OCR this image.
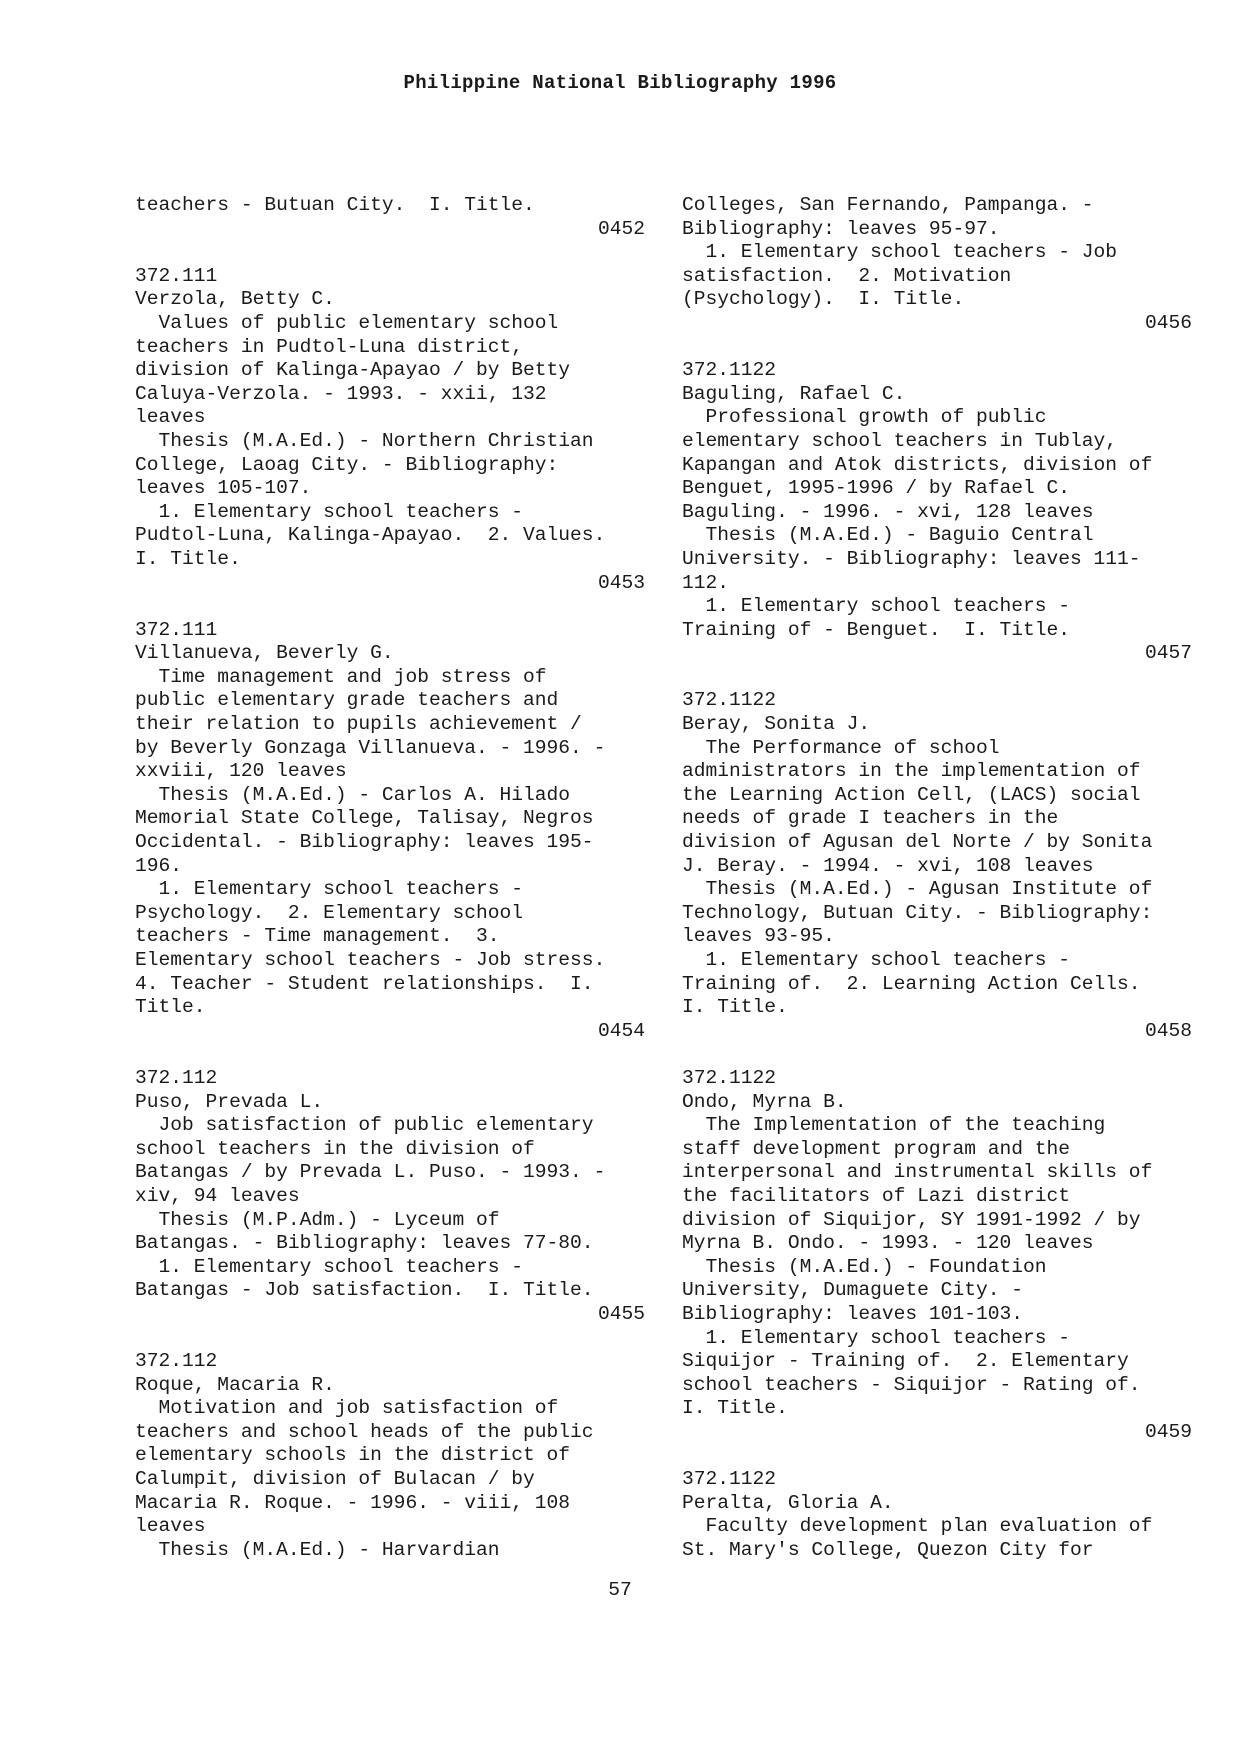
Philippine National Bibliography 1996
teachers - Butuan City.  I. Title.
0452
372.111
Verzola, Betty C.
Values of public elementary school
teachers in Pudtol-Luna district,
division of Kalinga-Apayao / by Betty
Caluya-Verzola. - 1993. - xxii, 132
leaves
Thesis (M.A.Ed.) - Northern Christian
College, Laoag City. - Bibliography:
leaves 105-107.
1. Elementary school teachers -
Pudtol-Luna, Kalinga-Apayao.  2. Values.
I. Title.
0453
372.111
Villanueva, Beverly G.
Time management and job stress of
public elementary grade teachers and
their relation to pupils achievement /
by Beverly Gonzaga Villanueva. - 1996. -
xxviii, 120 leaves
Thesis (M.A.Ed.) - Carlos A. Hilado
Memorial State College, Talisay, Negros
Occidental. - Bibliography: leaves 195-
196.
1. Elementary school teachers -
Psychology.  2. Elementary school
teachers - Time management.  3.
Elementary school teachers - Job stress.
4. Teacher - Student relationships.  I.
Title.
0454
372.112
Puso, Prevada L.
Job satisfaction of public elementary
school teachers in the division of
Batangas / by Prevada L. Puso. - 1993. -
xiv, 94 leaves
Thesis (M.P.Adm.) - Lyceum of
Batangas. - Bibliography: leaves 77-80.
1. Elementary school teachers -
Batangas - Job satisfaction.  I. Title.
0455
372.112
Roque, Macaria R.
Motivation and job satisfaction of
teachers and school heads of the public
elementary schools in the district of
Calumpit, division of Bulacan / by
Macaria R. Roque. - 1996. - viii, 108
leaves
Thesis (M.A.Ed.) - Harvardian
Colleges, San Fernando, Pampanga. -
Bibliography: leaves 95-97.
1. Elementary school teachers - Job
satisfaction.  2. Motivation
(Psychology).  I. Title.
0456
372.1122
Baguling, Rafael C.
Professional growth of public
elementary school teachers in Tublay,
Kapangan and Atok districts, division of
Benguet, 1995-1996 / by Rafael C.
Baguling. - 1996. - xvi, 128 leaves
Thesis (M.A.Ed.) - Baguio Central
University. - Bibliography: leaves 111-
112.
1. Elementary school teachers -
Training of - Benguet.  I. Title.
0457
372.1122
Beray, Sonita J.
The Performance of school
administrators in the implementation of
the Learning Action Cell, (LACS) social
needs of grade I teachers in the
division of Agusan del Norte / by Sonita
J. Beray. - 1994. - xvi, 108 leaves
Thesis (M.A.Ed.) - Agusan Institute of
Technology, Butuan City. - Bibliography:
leaves 93-95.
1. Elementary school teachers -
Training of.  2. Learning Action Cells.
I. Title.
0458
372.1122
Ondo, Myrna B.
The Implementation of the teaching
staff development program and the
interpersonal and instrumental skills of
the facilitators of Lazi district
division of Siquijor, SY 1991-1992 / by
Myrna B. Ondo. - 1993. - 120 leaves
Thesis (M.A.Ed.) - Foundation
University, Dumaguete City. -
Bibliography: leaves 101-103.
1. Elementary school teachers -
Siquijor - Training of.  2. Elementary
school teachers - Siquijor - Rating of.
I. Title.
0459
372.1122
Peralta, Gloria A.
Faculty development plan evaluation of
St. Mary's College, Quezon City for
57
